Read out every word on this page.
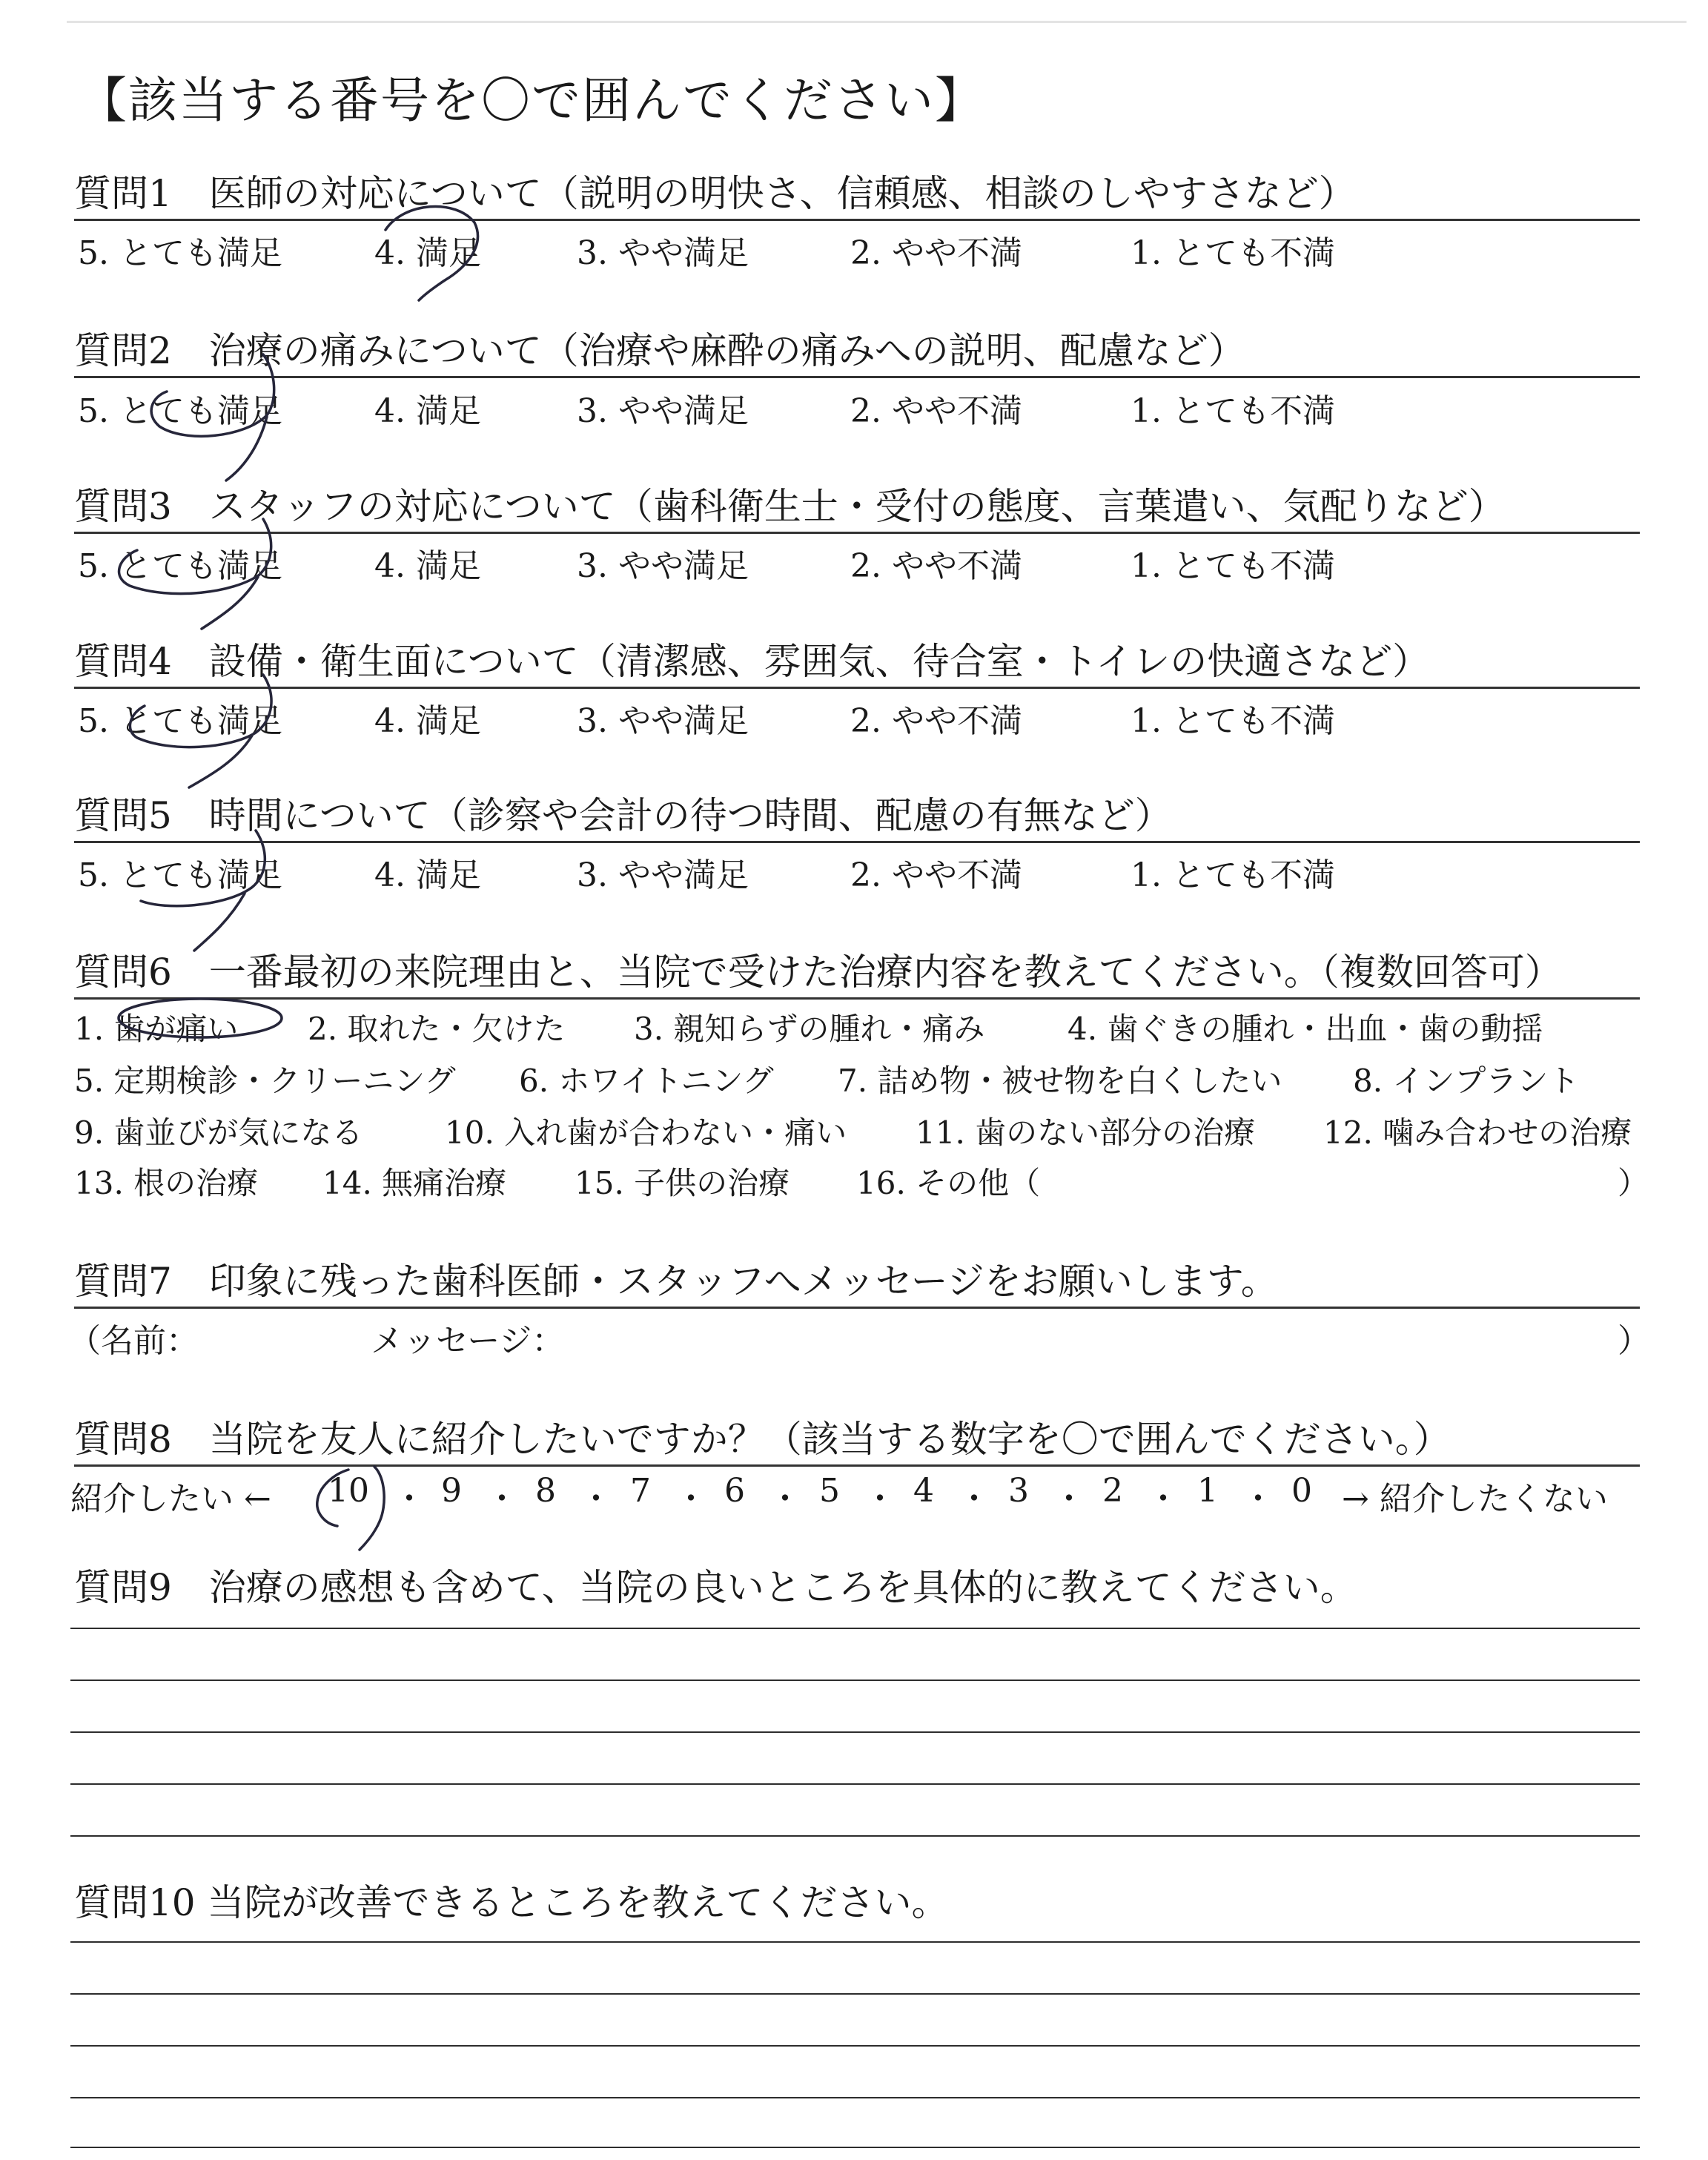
【該当する番号を〇で囲んでください】
質問1　医師の対応について（説明の明快さ、信頼感、相談のしやすさなど）
5. とても満足	4. 満足	3. やや満足	2. やや不満	1. とても不満
質問2　治療の痛みについて（治療や麻酔の痛みへの説明、配慮など）
5. とても満足	4. 満足	3. やや満足	2. やや不満	1. とても不満
質問3　スタッフの対応について（歯科衛生士・受付の態度、言葉遣い、気配りなど）
5. とても満足	4. 満足	3. やや満足	2. やや不満	1. とても不満
質問4　設備・衛生面について（清潔感、雰囲気、待合室・トイレの快適さなど）
5. とても満足	4. 満足	3. やや満足	2. やや不満	1. とても不満
質問5　時間について（診察や会計の待つ時間、配慮の有無など）
5. とても満足	4. 満足	3. やや満足	2. やや不満	1. とても不満
質問6　一番最初の来院理由と、当院で受けた治療内容を教えてください。（複数回答可）
1. 歯が痛い 2. 取れた・欠けた 3. 親知らずの腫れ・痛み	4. 歯ぐきの腫れ・出血・歯の動揺
5. 定期検診・クリーニング 6. ホワイトニング 7. 詰め物・被せ物を白くしたい 8. インプラント
9. 歯並びが気になる	10. 入れ歯が合わない・痛い 11. 歯のない部分の治療 12. 噛み合わせの治療
13. 根の治療 14. 無痛治療 15. 子供の治療 16. その他（	）
質問7　印象に残った歯科医師・スタッフへメッセージをお願いします。
（名前：	メッセージ：	）
質問8　当院を友人に紹介したいですか？（該当する数字を〇で囲んでください。）
紹介したい ← 10 ・ 9 ・ 8 ・ 7 ・ 6 ・ 5 ・ 4 ・ 3 ・ 2 ・ 1 ・ 0 → 紹介したくない
質問9　治療の感想も含めて、当院の良いところを具体的に教えてください。
質問10 当院が改善できるところを教えてください。
